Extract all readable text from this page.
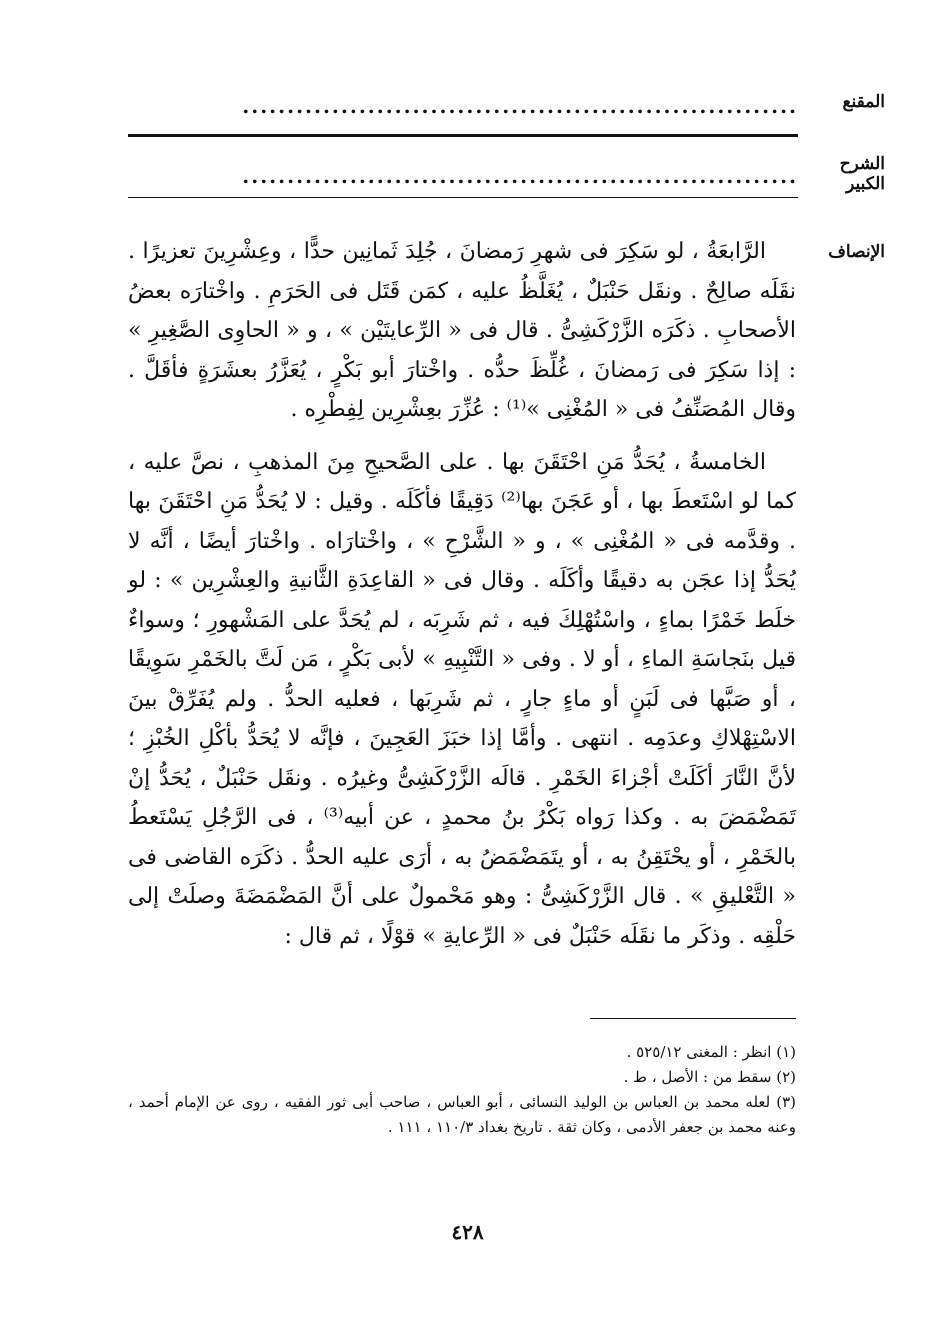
المقنع
..............................................................
الشرح الكبير
..............................................................
الإنصاف

الرَّابعَةُ ، لو سَكِرَ فى شهرِ رَمضانَ ، جُلِدَ ثَمانِين حدًّا ، وعِشْرِينَ تعزيرًا . نقَلَه صالِحٌ . ونقَل حَنْبَلٌ ، يُغَلَّظُ عليه ، كمَن قَتَل فى الحَرَمِ . واخْتارَه بعضُ الأصحابِ . ذكَرَه الزَّرْكَشِىُّ . قال فى « الرِّعايتَيْن » ، و « الحاوِى الصَّغِيرِ » : إذا سَكِرَ فى رَمضانَ ، غُلِّظَ حدُّه . واخْتارَ أبو بَكْرٍ ، يُعَزَّرُ بعشَرَةٍ فأقَلَّ . وقال المُصَنِّفُ فى « المُغْنِى »⁽¹⁾ : عُزِّرَ بعِشْرِين لِفِطْرِه .

الخامسةُ ، يُحَدُّ مَنِ احْتَقَنَ بها . على الصَّحيحِ مِنَ المذهبِ ، نصَّ عليه ، كما لو اسْتَعطَ بها ، أو عَجَنَ بها⁽²⁾ دَقِيقًا فأكَلَه . وقيل : لا يُحَدُّ مَنِ احْتَقَنَ بها . وقدَّمه فى « المُغْنِى » ، و « الشَّرْحِ » ، واخْتارَاه . واخْتارَ أيضًا ، أنَّه لا يُحَدُّ إذا عجَن به دقيقًا وأكَلَه . وقال فى « القاعِدَةِ الثَّانيةِ والعِشْرِين » : لو خلَط خَمْرًا بماءٍ ، واسْتُهْلِكَ فيه ، ثم شَرِبَه ، لم يُحَدَّ على المَشْهورِ ؛ وسواءٌ قيل بنَجاسَةِ الماءِ ، أو لا . وفى « التَّنْبِيهِ » لأبى بَكْرٍ ، مَن لَتَّ بالخَمْرِ سَوِيقًا ، أو صَبَّها فى لَبَنٍ أو ماءٍ جارٍ ، ثم شَرِبَها ، فعليه الحدُّ . ولم يُفَرِّقْ بينَ الاسْتِهْلاكِ وعدَمِه . انتهى . وأمَّا إذا خبَزَ العَجِينَ ، فإنَّه لا يُحَدُّ بأكْلِ الخُبْزِ ؛ لأنَّ النَّارَ أكَلَتْ أجْزاءَ الخَمْرِ . قالَه الزَّرْكَشِىُّ وغيرُه . ونقَل حَنْبَلٌ ، يُحَدُّ إنْ تَمَضْمَضَ به . وكذا رَواه بَكْرُ بنُ محمدٍ ، عن أبيه⁽³⁾ ، فى الرَّجُلِ يَسْتَعطُ بالخَمْرِ ، أو يحْتَقِنُ به ، أو يتَمَضْمَضُ به ، أرَى عليه الحدُّ . ذكَرَه القاضى فى « التَّعْليقِ » . قال الزَّرْكَشِىُّ : وهو مَحْمولٌ على أنَّ المَضْمَضَةَ وصلَتْ إلى حَلْقِه . وذكَر ما نقَلَه حَنْبَلٌ فى « الرِّعايةِ » قوْلًا ، ثم قال :

(١) انظر : المغنى ٥٢٥/١٢ .
(٢) سقط من : الأصل ، ط .
(٣) لعله محمد بن العباس بن الوليد النسائى ، أبو العباس ، صاحب أبى ثور الفقيه ، روى عن الإمام أحمد ، وعنه محمد بن جعفر الأدمى ، وكان ثقة . تاريخ بغداد ١١٠/٣ ، ١١١ .
٤٢٨
